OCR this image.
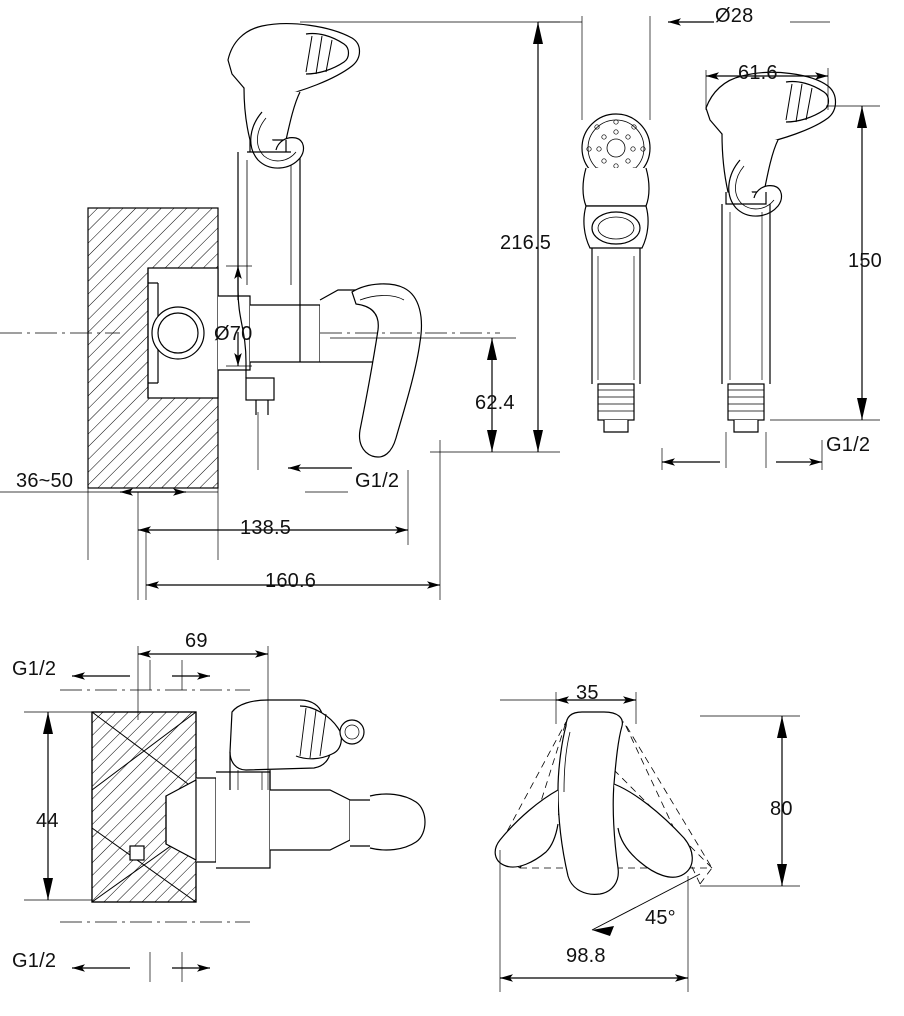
Ø70
216.5
62.4
36~50	G1/2
138.5
160.6
Ø28
61.6
150
G1/2
69
G1/2
44
G1/2
35
80
45°
98.8
